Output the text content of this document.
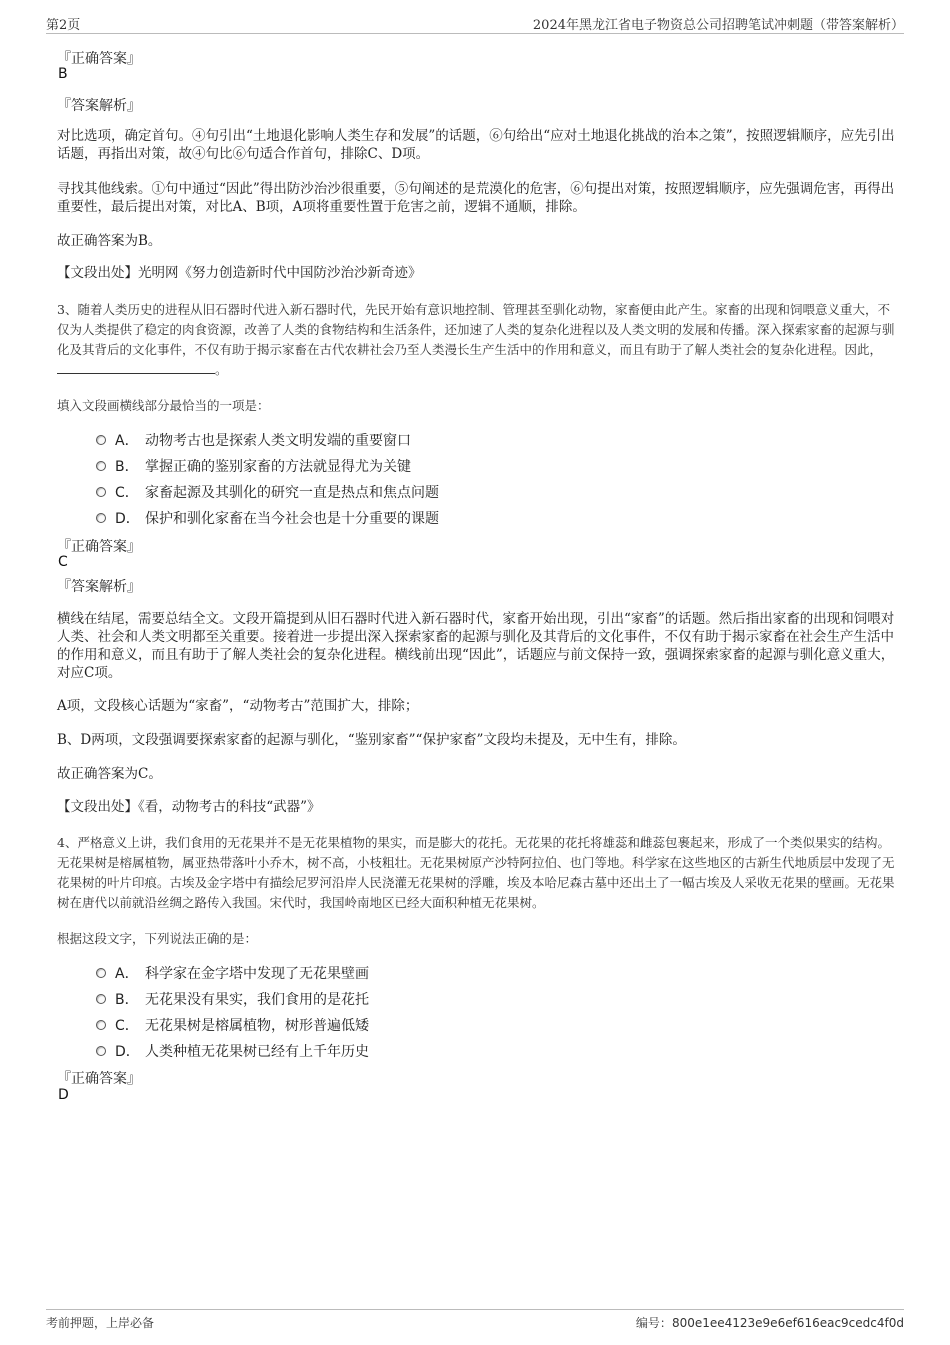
第2页	2024年黑龙江省电子物资总公司招聘笔试冲刺题（带答案解析）
『正确答案』
B
『答案解析』
对比选项，确定首句。④句引出“土地退化影响人类生存和发展”的话题，⑥句给出“应对土地退化挑战的治本之策”，按照逻辑顺序，应先引出话题，再指出对策，故④句比⑥句适合作首句，排除C、D项。
寻找其他线索。①句中通过“因此”得出防沙治沙很重要，⑤句阐述的是荒漠化的危害，⑥句提出对策，按照逻辑顺序，应先强调危害，再得出重要性，最后提出对策，对比A、B项，A项将重要性置于危害之前，逻辑不通顺，排除。
故正确答案为B。
【文段出处】光明网《努力创造新时代中国防沙治沙新奇迹》
3、随着人类历史的进程从旧石器时代进入新石器时代，先民开始有意识地控制、管理甚至驯化动物，家畜便由此产生。家畜的出现和饲喂意义重大，不仅为人类提供了稳定的肉食资源，改善了人类的食物结构和生活条件，还加速了人类的复杂化进程以及人类文明的发展和传播。深入探索家畜的起源与驯化及其背后的文化事件，不仅有助于揭示家畜在古代农耕社会乃至人类漫长生产生活中的作用和意义，而且有助于了解人类社会的复杂化进程。因此，。
填入文段画横线部分最恰当的一项是：
A． 动物考古也是探索人类文明发端的重要窗口
B． 掌握正确的鉴别家畜的方法就显得尤为关键
C． 家畜起源及其驯化的研究一直是热点和焦点问题
D． 保护和驯化家畜在当今社会也是十分重要的课题
『正确答案』
C
『答案解析』
横线在结尾，需要总结全文。文段开篇提到从旧石器时代进入新石器时代，家畜开始出现，引出“家畜”的话题。然后指出家畜的出现和饲喂对人类、社会和人类文明都至关重要。接着进一步提出深入探索家畜的起源与驯化及其背后的文化事件，不仅有助于揭示家畜在社会生产生活中的作用和意义，而且有助于了解人类社会的复杂化进程。横线前出现“因此”，话题应与前文保持一致，强调探索家畜的起源与驯化意义重大，对应C项。
A项，文段核心话题为“家畜”，“动物考古”范围扩大，排除；
B、D两项，文段强调要探索家畜的起源与驯化，“鉴别家畜”“保护家畜”文段均未提及，无中生有，排除。
故正确答案为C。
【文段出处】《看，动物考古的科技“武器”》
4、严格意义上讲，我们食用的无花果并不是无花果植物的果实，而是膨大的花托。无花果的花托将雄蕊和雌蕊包裹起来，形成了一个类似果实的结构。无花果树是榕属植物，属亚热带落叶小乔木，树不高，小枝粗壮。无花果树原产沙特阿拉伯、也门等地。科学家在这些地区的古新生代地质层中发现了无花果树的叶片印痕。古埃及金字塔中有描绘尼罗河沿岸人民浇灌无花果树的浮雕，埃及本哈尼森古墓中还出土了一幅古埃及人采收无花果的壁画。无花果树在唐代以前就沿丝绸之路传入我国。宋代时，我国岭南地区已经大面积种植无花果树。
根据这段文字，下列说法正确的是：
A． 科学家在金字塔中发现了无花果壁画
B． 无花果没有果实，我们食用的是花托
C． 无花果树是榕属植物，树形普遍低矮
D． 人类种植无花果树已经有上千年历史
『正确答案』
D
考前押题，上岸必备	编号：800e1ee4123e9e6ef616eac9cedc4f0d
